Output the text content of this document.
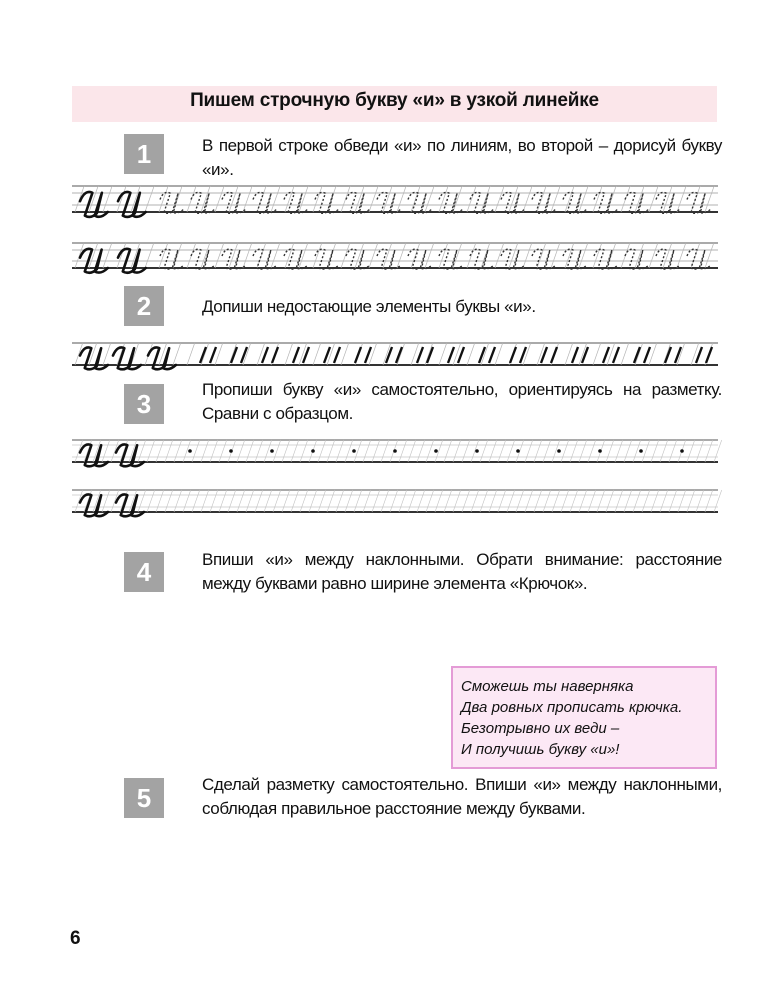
Пишем строчную букву «и» в узкой линейке
1	В первой строке обведи «и» по линиям, во второй – дорисуй букву «и».
2	Допиши недостающие элементы буквы «и».
3	Пропиши букву «и» самостоятельно, ориентируясь на разметку. Сравни с образцом.
4	Впиши «и» между наклонными. Обрати внимание: расстояние между буквами равно ширине элемента «Крючок».
5	Сделай разметку самостоятельно. Впиши «и» между наклонными, соблюдая правильное расстояние между буквами.
Сможешь ты наверняка
Два ровных прописать крючка.
Безотрывно их веди –
И получишь букву «и»!
6
